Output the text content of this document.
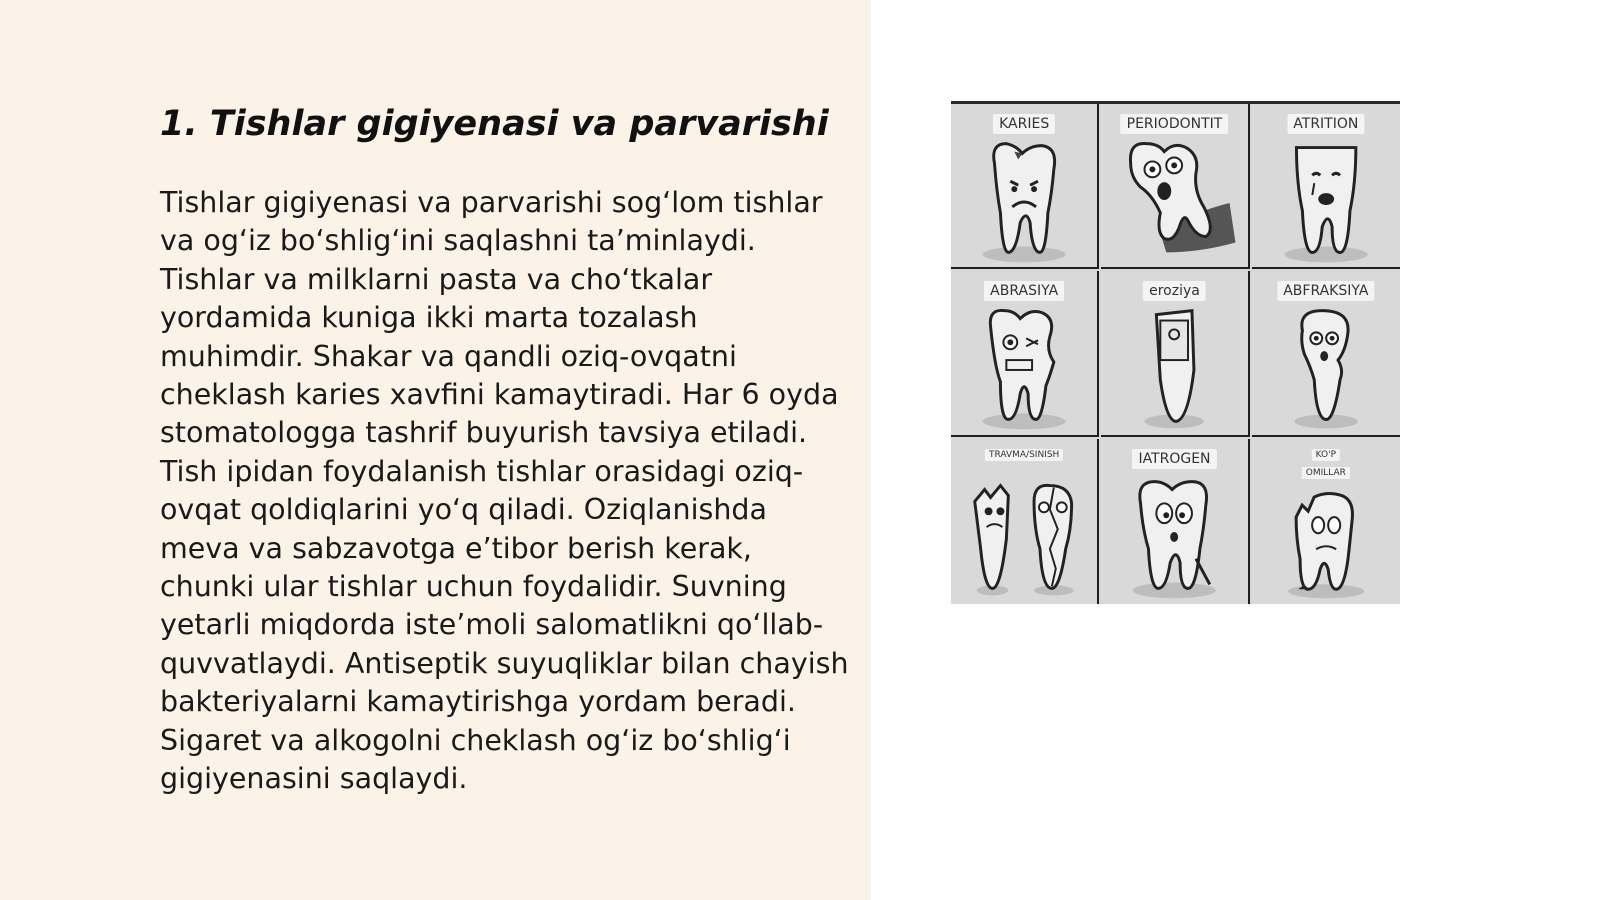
1. Tishlar gigiyenasi va parvarishi

Tishlar gigiyenasi va parvarishi sog‘lom tishlar va og‘iz bo‘shlig‘ini saqlashni ta’minlaydi. Tishlar va milklarni pasta va cho‘tkalar yordamida kuniga ikki marta tozalash muhimdir. Shakar va qandli oziq-ovqatni cheklash karies xavfini kamaytiradi. Har 6 oyda stomatologga tashrif buyurish tavsiya etiladi. Tish ipidan foydalanish tishlar orasidagi oziq-ovqat qoldiqlarini yo‘q qiladi. Oziqlanishda meva va sabzavotga e’tibor berish kerak, chunki ular tishlar uchun foydalidir. Suvning yetarli miqdorda iste’moli salomatlikni qo‘llab-quvvatlaydi. Antiseptik suyuqliklar bilan chayish bakteriyalarni kamaytirishga yordam beradi. Sigaret va alkogolni cheklash og‘iz bo‘shlig‘i gigiyenasini saqlaydi.

KARIES	PERIODONTIT	ATRITION
ABRASIYA	eroziya	ABFRAKSIYA
TRAVMA/SINISH	IATROGEN	KO'P
OMILLAR
